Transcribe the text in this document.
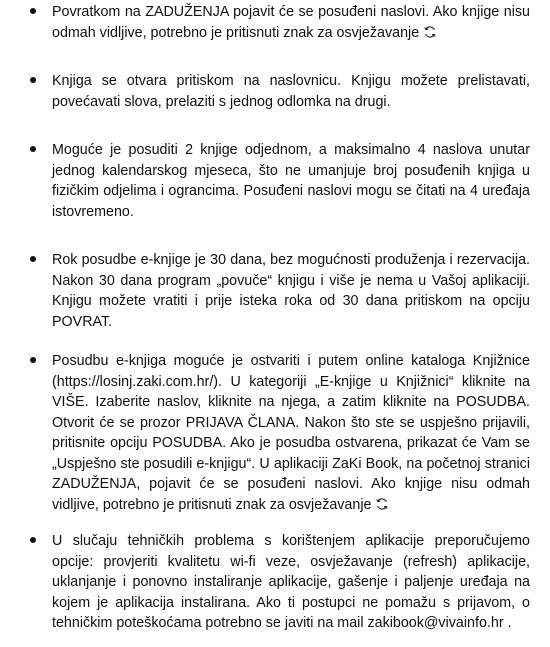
Povratkom na ZADUŽENJA pojavit će se posuđeni naslovi. Ako knjige nisu odmah vidljive, potrebno je pritisnuti znak za osvježavanje
Knjiga se otvara pritiskom na naslovnicu. Knjigu možete prelistavati, povećavati slova, prelaziti s jednog odlomka na drugi.
Moguće je posuditi 2 knjige odjednom, a maksimalno 4 naslova unutar jednog kalendarskog mjeseca, što ne umanjuje broj posuđenih knjiga u fizičkim odjelima i ograncima. Posuđeni naslovi mogu se čitati na 4 uređaja istovremeno.
Rok posudbe e-knjige je 30 dana, bez mogućnosti produženja i rezervacija. Nakon 30 dana program „povuče“ knjigu i više je nema u Vašoj aplikaciji. Knjigu možete vratiti i prije isteka roka od 30 dana pritiskom na opciju POVRAT.
Posudbu e-knjiga moguće je ostvariti i putem online kataloga Knjižnice (https://losinj.zaki.com.hr/). U kategoriji „E-knjige u Knjižnici“ kliknite na VIŠE. Izaberite naslov, kliknite na njega, a zatim kliknite na POSUDBA. Otvorit će se prozor PRIJAVA ČLANA. Nakon što ste se uspješno prijavili, pritisnite opciju POSUDBA. Ako je posudba ostvarena, prikazat će Vam se „Uspješno ste posudili e-knjigu“. U aplikaciji ZaKi Book, na početnoj stranici ZADUŽENJA, pojavit će se posuđeni naslovi. Ako knjige nisu odmah vidljive, potrebno je pritisnuti znak za osvježavanje
U slučaju tehničkih problema s korištenjem aplikacije preporučujemo opcije: provjeriti kvalitetu wi-fi veze, osvježavanje (refresh) aplikacije, uklanjanje i ponovno instaliranje aplikacije, gašenje i paljenje uređaja na kojem je aplikacija instalirana. Ako ti postupci ne pomažu s prijavom, o tehničkim poteškoćama potrebno se javiti na mail zakibook@vivainfo.hr .
